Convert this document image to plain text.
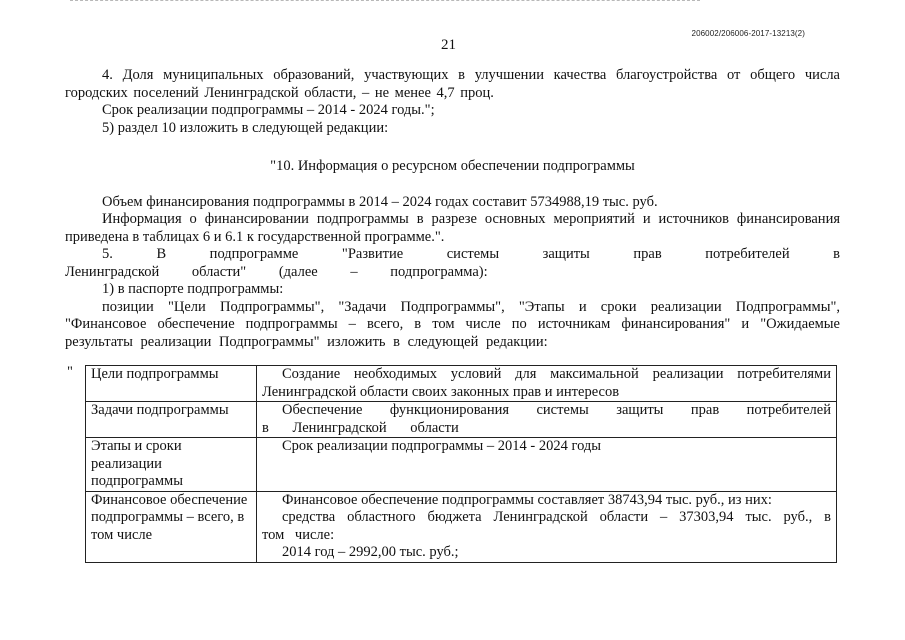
206002/206006-2017-13213(2)
21

4. Доля муниципальных образований, участвующих в улучшении качества благоустройства от общего числа городских поселений Ленинградской области, – не менее 4,7 проц.

Срок реализации подпрограммы – 2014 - 2024 годы.";

5) раздел 10 изложить в следующей редакции:

"10. Информация о ресурсном обеспечении подпрограммы

Объем финансирования подпрограммы в 2014 – 2024 годах составит 5734988,19 тыс. руб.

Информация о финансировании подпрограммы в разрезе основных мероприятий и источников финансирования приведена в таблицах 6 и 6.1 к государственной программе.".

5. В подпрограмме "Развитие системы защиты прав потребителей в Ленинградской области" (далее – подпрограмма):

1) в паспорте подпрограммы:

позиции "Цели Подпрограммы", "Задачи Подпрограммы", "Этапы и сроки реализации Подпрограммы", "Финансовое обеспечение подпрограммы – всего, в том числе по источникам финансирования" и "Ожидаемые результаты реализации Подпрограммы" изложить в следующей редакции:

" Цели подпрограммы	Создание необходимых условий для максимальной реализации потребителями Ленинградской области своих законных прав и интересов
Задачи подпрограммы	Обеспечение функционирования системы защиты прав потребителей в Ленинградской области
Этапы и сроки реализации подпрограммы	Срок реализации подпрограммы – 2014 - 2024 годы
Финансовое обеспечение подпрограммы – всего, в том числе	Финансовое обеспечение подпрограммы составляет 38743,94 тыс. руб., из них:
средства областного бюджета Ленинградской области – 37303,94 тыс. руб., в том числе:
2014 год – 2992,00 тыс. руб.;
